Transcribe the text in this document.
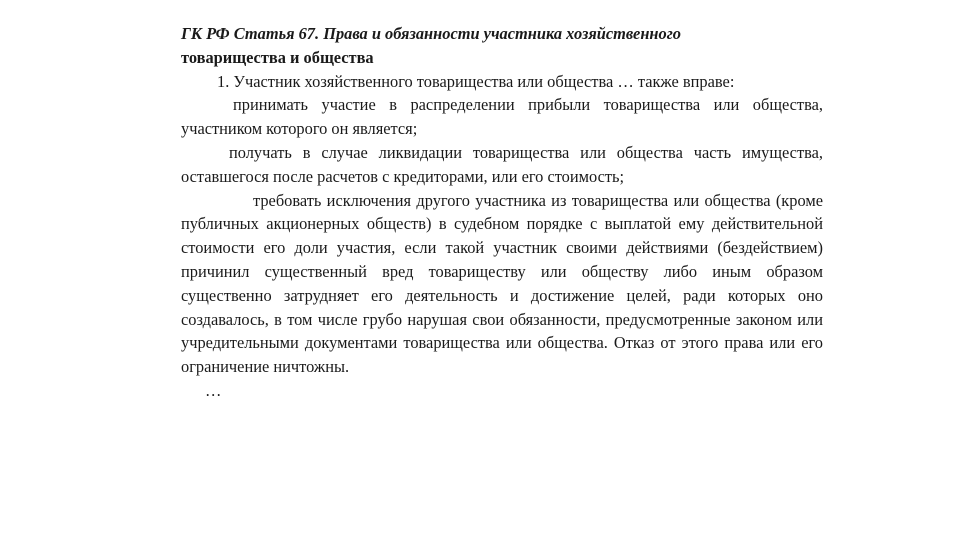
ГК РФ Статья 67. Права и обязанности участника хозяйственного
товарищества и общества

1. Участник хозяйственного товарищества или общества … также вправе:

принимать участие в распределении прибыли товарищества или общества, участником которого он является;

получать в случае ликвидации товарищества или общества часть имущества, оставшегося после расчетов с кредиторами, или его стоимость;

требовать исключения другого участника из товарищества или общества (кроме публичных акционерных обществ) в судебном порядке с выплатой ему действительной стоимости его доли участия, если такой участник своими действиями (бездействием) причинил существенный вред товариществу или обществу либо иным образом существенно затрудняет его деятельность и достижение целей, ради которых оно создавалось, в том числе грубо нарушая свои обязанности, предусмотренные законом или учредительными документами товарищества или общества. Отказ от этого права или его ограничение ничтожны.

…
